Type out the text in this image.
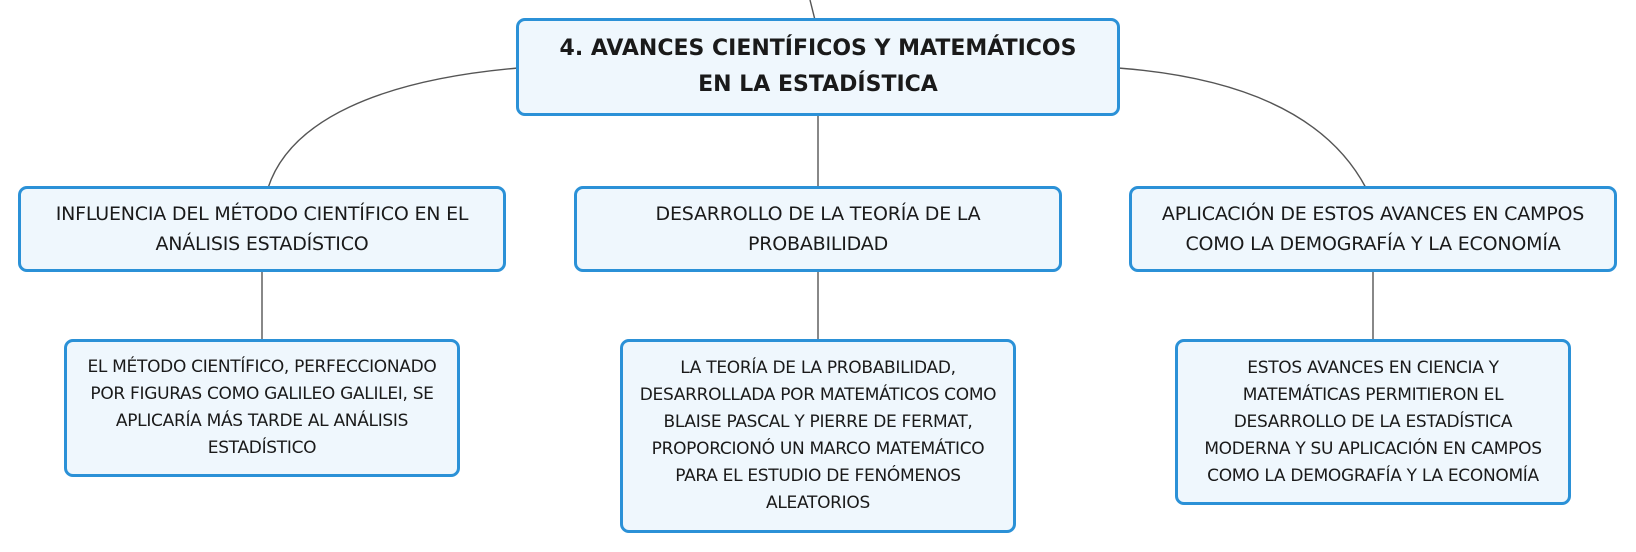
4. AVANCES CIENTÍFICOS Y MATEMÁTICOS EN LA ESTADÍSTICA
INFLUENCIA DEL MÉTODO CIENTÍFICO EN EL ANÁLISIS ESTADÍSTICO
DESARROLLO DE LA TEORÍA DE LA PROBABILIDAD
APLICACIÓN DE ESTOS AVANCES EN CAMPOS COMO LA DEMOGRAFÍA Y LA ECONOMÍA
EL MÉTODO CIENTÍFICO, PERFECCIONADO POR FIGURAS COMO GALILEO GALILEI, SE APLICARÍA MÁS TARDE AL ANÁLISIS ESTADÍSTICO
LA TEORÍA DE LA PROBABILIDAD, DESARROLLADA POR MATEMÁTICOS COMO BLAISE PASCAL Y PIERRE DE FERMAT, PROPORCIONÓ UN MARCO MATEMÁTICO PARA EL ESTUDIO DE FENÓMENOS ALEATORIOS
ESTOS AVANCES EN CIENCIA Y MATEMÁTICAS PERMITIERON EL DESARROLLO DE LA ESTADÍSTICA MODERNA Y SU APLICACIÓN EN CAMPOS COMO LA DEMOGRAFÍA Y LA ECONOMÍA
